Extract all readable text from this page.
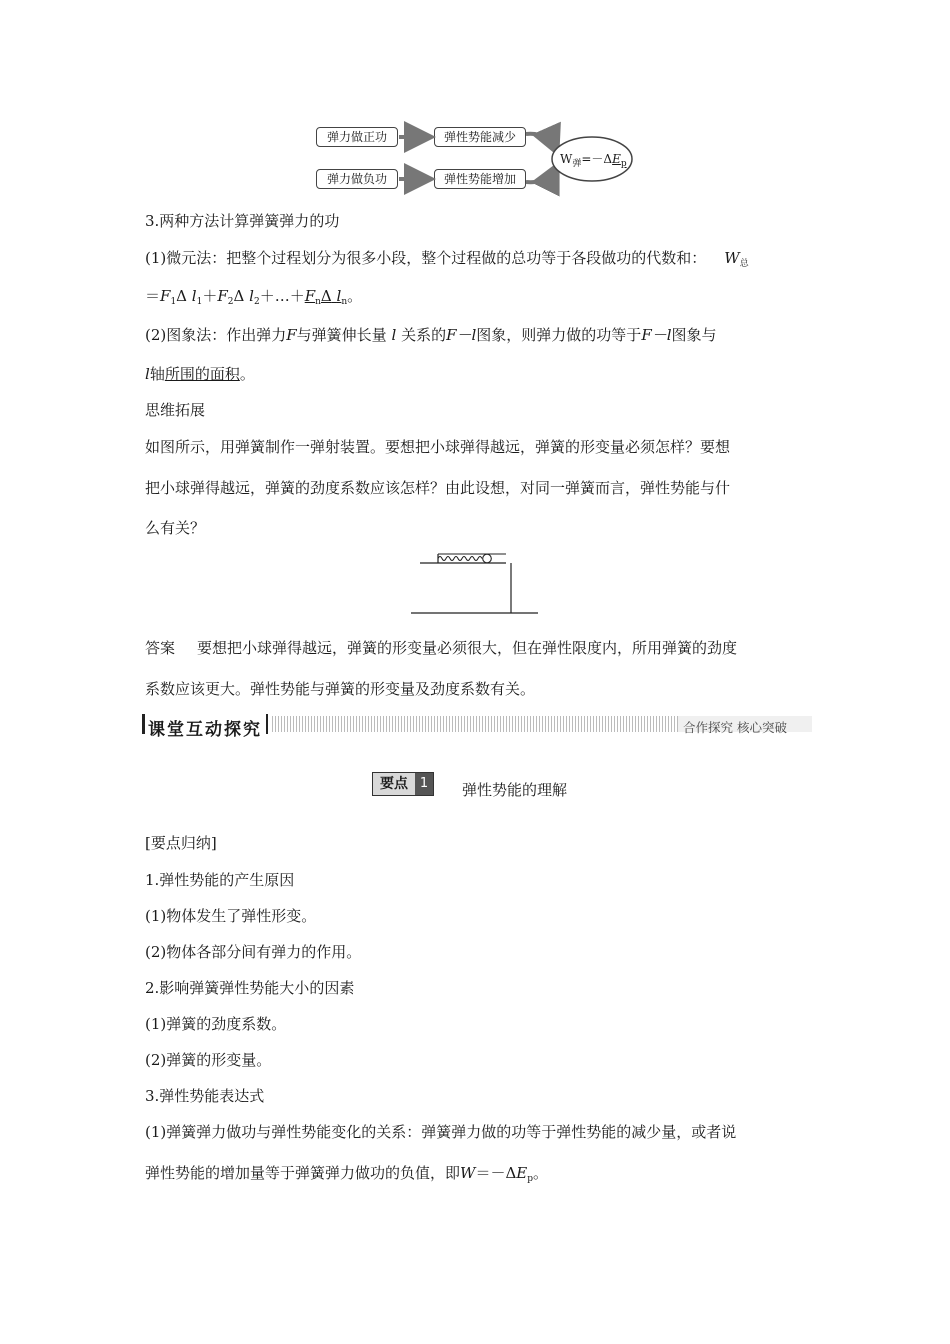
弹力做正功	弹性势能减少
弹力做负功	弹性势能增加
$W_弹=-\Delta E_p$
3.两种方法计算弹簧弹力的功
(1)微元法：把整个过程划分为很多小段，整个过程做的总功等于各段做功的代数和： $W_总$
$=F_1\Delta$ $l_1+F_2\Delta$ $l_2+\dots+F_n\Delta$ $l_n$。
(2)图象法：作出弹力F与弹簧伸长量 l 关系的F－l图象，则弹力做的功等于F－l图象与
l轴所围的面积。
思维拓展
如图所示，用弹簧制作一弹射装置。要想把小球弹得越远，弹簧的形变量必须怎样？要想
把小球弹得越远，弹簧的劲度系数应该怎样？由此设想，对同一弹簧而言，弹性势能与什
么有关？
答案 要想把小球弹得越远，弹簧的形变量必须很大，但在弹性限度内，所用弹簧的劲度
系数应该更大。弹性势能与弹簧的形变量及劲度系数有关。
课堂互动探究	合作探究 核心突破
要点 1	弹性势能的理解
[要点归纳]
1.弹性势能的产生原因
(1)物体发生了弹性形变。
(2)物体各部分间有弹力的作用。
2.影响弹簧弹性势能大小的因素
(1)弹簧的劲度系数。
(2)弹簧的形变量。
3.弹性势能表达式
(1)弹簧弹力做功与弹性势能变化的关系：弹簧弹力做的功等于弹性势能的减少量，或者说
弹性势能的增加量等于弹簧弹力做功的负值，即$W=-\Delta E_p$。
